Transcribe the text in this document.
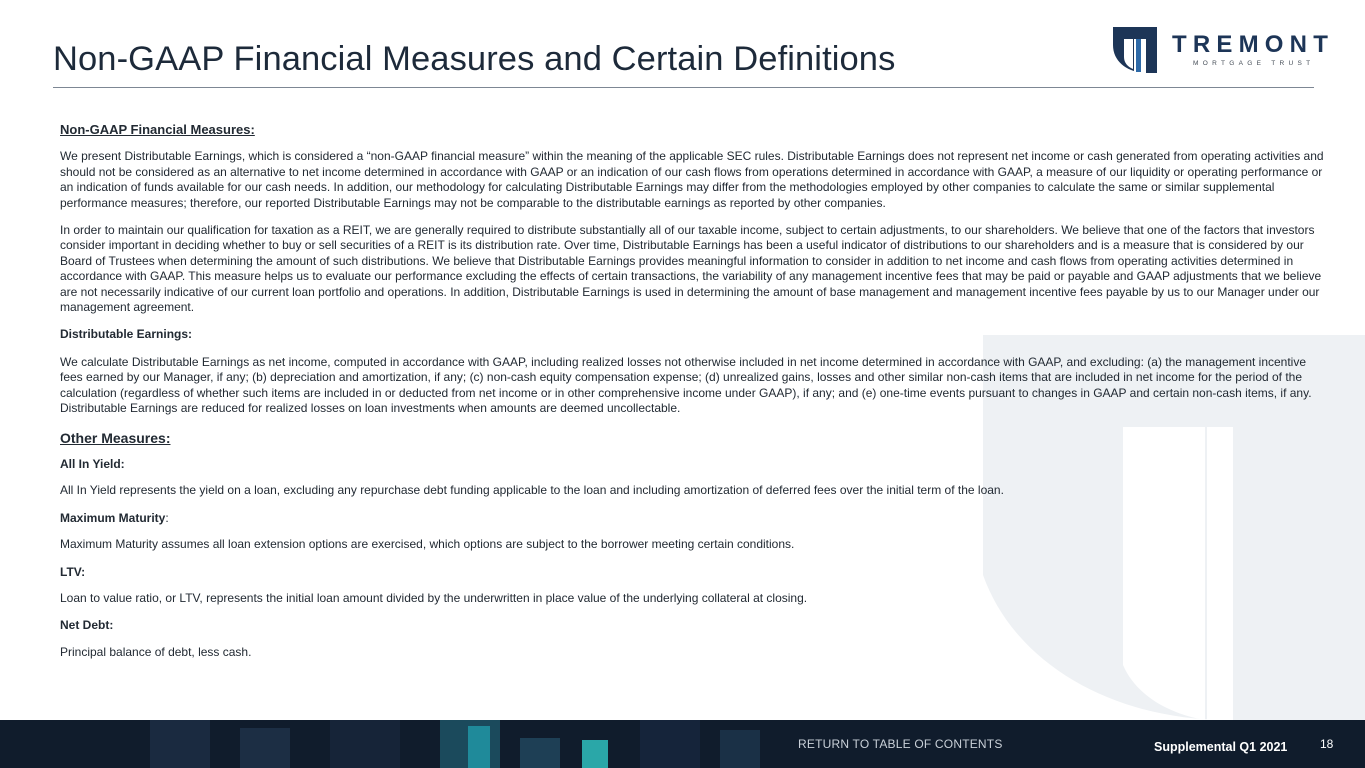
Non-GAAP Financial Measures and Certain Definitions	TREMONT
MORTGAGE TRUST

Non-GAAP Financial Measures:

We present Distributable Earnings, which is considered a “non-GAAP financial measure” within the meaning of the applicable SEC rules. Distributable Earnings does not represent net income or cash generated from operating activities and should not be considered as an alternative to net income determined in accordance with GAAP or an indication of our cash flows from operations determined in accordance with GAAP, a measure of our liquidity or operating performance or an indication of funds available for our cash needs. In addition, our methodology for calculating Distributable Earnings may differ from the methodologies employed by other companies to calculate the same or similar supplemental performance measures; therefore, our reported Distributable Earnings may not be comparable to the distributable earnings as reported by other companies.

In order to maintain our qualification for taxation as a REIT, we are generally required to distribute substantially all of our taxable income, subject to certain adjustments, to our shareholders. We believe that one of the factors that investors consider important in deciding whether to buy or sell securities of a REIT is its distribution rate. Over time, Distributable Earnings has been a useful indicator of distributions to our shareholders and is a measure that is considered by our Board of Trustees when determining the amount of such distributions. We believe that Distributable Earnings provides meaningful information to consider in addition to net income and cash flows from operating activities determined in accordance with GAAP. This measure helps us to evaluate our performance excluding the effects of certain transactions, the variability of any management incentive fees that may be paid or payable and GAAP adjustments that we believe are not necessarily indicative of our current loan portfolio and operations. In addition, Distributable Earnings is used in determining the amount of base management and management incentive fees payable by us to our Manager under our management agreement.

Distributable Earnings:

We calculate Distributable Earnings as net income, computed in accordance with GAAP, including realized losses not otherwise included in net income determined in accordance with GAAP, and excluding: (a) the management incentive fees earned by our Manager, if any; (b) depreciation and amortization, if any; (c) non-cash equity compensation expense; (d) unrealized gains, losses and other similar non-cash items that are included in net income for the period of the calculation (regardless of whether such items are included in or deducted from net income or in other comprehensive income under GAAP), if any; and (e) one-time events pursuant to changes in GAAP and certain non-cash items, if any. Distributable Earnings are reduced for realized losses on loan investments when amounts are deemed uncollectable.

Other Measures:

All In Yield:

All In Yield represents the yield on a loan, excluding any repurchase debt funding applicable to the loan and including amortization of deferred fees over the initial term of the loan.

Maximum Maturity:

Maximum Maturity assumes all loan extension options are exercised, which options are subject to the borrower meeting certain conditions.

LTV:

Loan to value ratio, or LTV, represents the initial loan amount divided by the underwritten in place value of the underlying collateral at closing.

Net Debt:

Principal balance of debt, less cash.

RETURN TO TABLE OF CONTENTS	Supplemental Q1 2021	18
